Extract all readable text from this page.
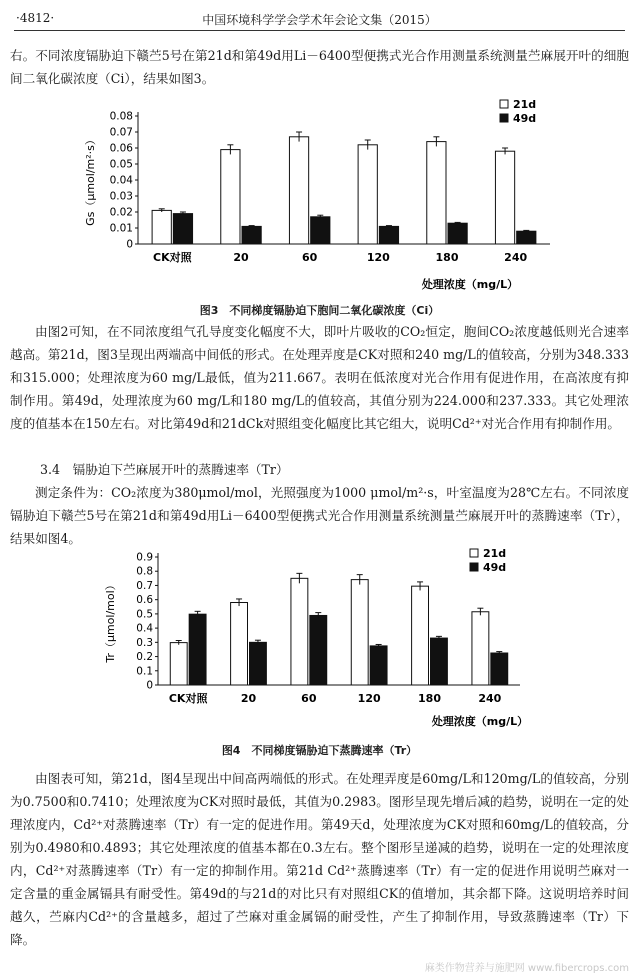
·4812·	中国环境科学学会学术年会论文集（2015）

右。不同浓度镉胁迫下赣苎5号在第21d和第49d用Li－6400型便携式光合作用测量系统测量苎麻展开叶的细胞间二氧化碳浓度（Ci），结果如图3。

0
0.01
0.02
0.03
0.04
0.05
0.06
0.07
0.08
Gs（μmol/m²·s）
CK对照	20	60	120	180	240
处理浓度（mg/L）
21d
49d
图3　不同梯度镉胁迫下胞间二氧化碳浓度（Ci）

由图2可知，在不同浓度组气孔导度变化幅度不大，即叶片吸收的CO₂恒定，胞间CO₂浓度越低则光合速率越高。第21d，图3呈现出两端高中间低的形式。在处理弄度是CK对照和240 mg/L的值较高，分别为348.333和315.000；处理浓度为60 mg/L最低，值为211.667。表明在低浓度对光合作用有促进作用，在高浓度有抑制作用。第49d，处理浓度为60 mg/L和180 mg/L的值较高，其值分别为224.000和237.333。其它处理浓度的值基本在150左右。对比第49d和21dCk对照组变化幅度比其它组大，说明Cd²⁺对光合作用有抑制作用。

3.4　镉胁迫下苎麻展开叶的蒸腾速率（Tr）

测定条件为：CO₂浓度为380μmol/mol，光照强度为1000 μmol/m²·s，叶室温度为28℃左右。不同浓度镉胁迫下赣苎5号在第21d和第49d用Li－6400型便携式光合作用测量系统测量苎麻展开叶的蒸腾速率（Tr），结果如图4。

0
0.1
0.2
0.3
0.4
0.5
0.6
0.7
0.8
0.9
Tr（μmol/mol）
CK对照	20	60	120	180	240
处理浓度（mg/L）
21d
49d
图4　不同梯度镉胁迫下蒸腾速率（Tr）

由图表可知，第21d，图4呈现出中间高两端低的形式。在处理弄度是60mg/L和120mg/L的值较高，分别为0.7500和0.7410；处理浓度为CK对照时最低，其值为0.2983。图形呈现先增后减的趋势，说明在一定的处理浓度内，Cd²⁺对蒸腾速率（Tr）有一定的促进作用。第49天d，处理浓度为CK对照和60mg/L的值较高，分别为0.4980和0.4893；其它处理浓度的值基本都在0.3左右。整个图形呈递减的趋势，说明在一定的处理浓度内，Cd²⁺对蒸腾速率（Tr）有一定的抑制作用。第21d Cd²⁺蒸腾速率（Tr）有一定的促进作用说明苎麻对一定含量的重金属镉具有耐受性。第49d的与21d的对比只有对照组CK的值增加，其余都下降。这说明培养时间越久，苎麻内Cd²⁺的含量越多，超过了苎麻对重金属镉的耐受性，产生了抑制作用，导致蒸腾速率（Tr）下降。

麻类作物营养与施肥网 www.fibercrops.com
